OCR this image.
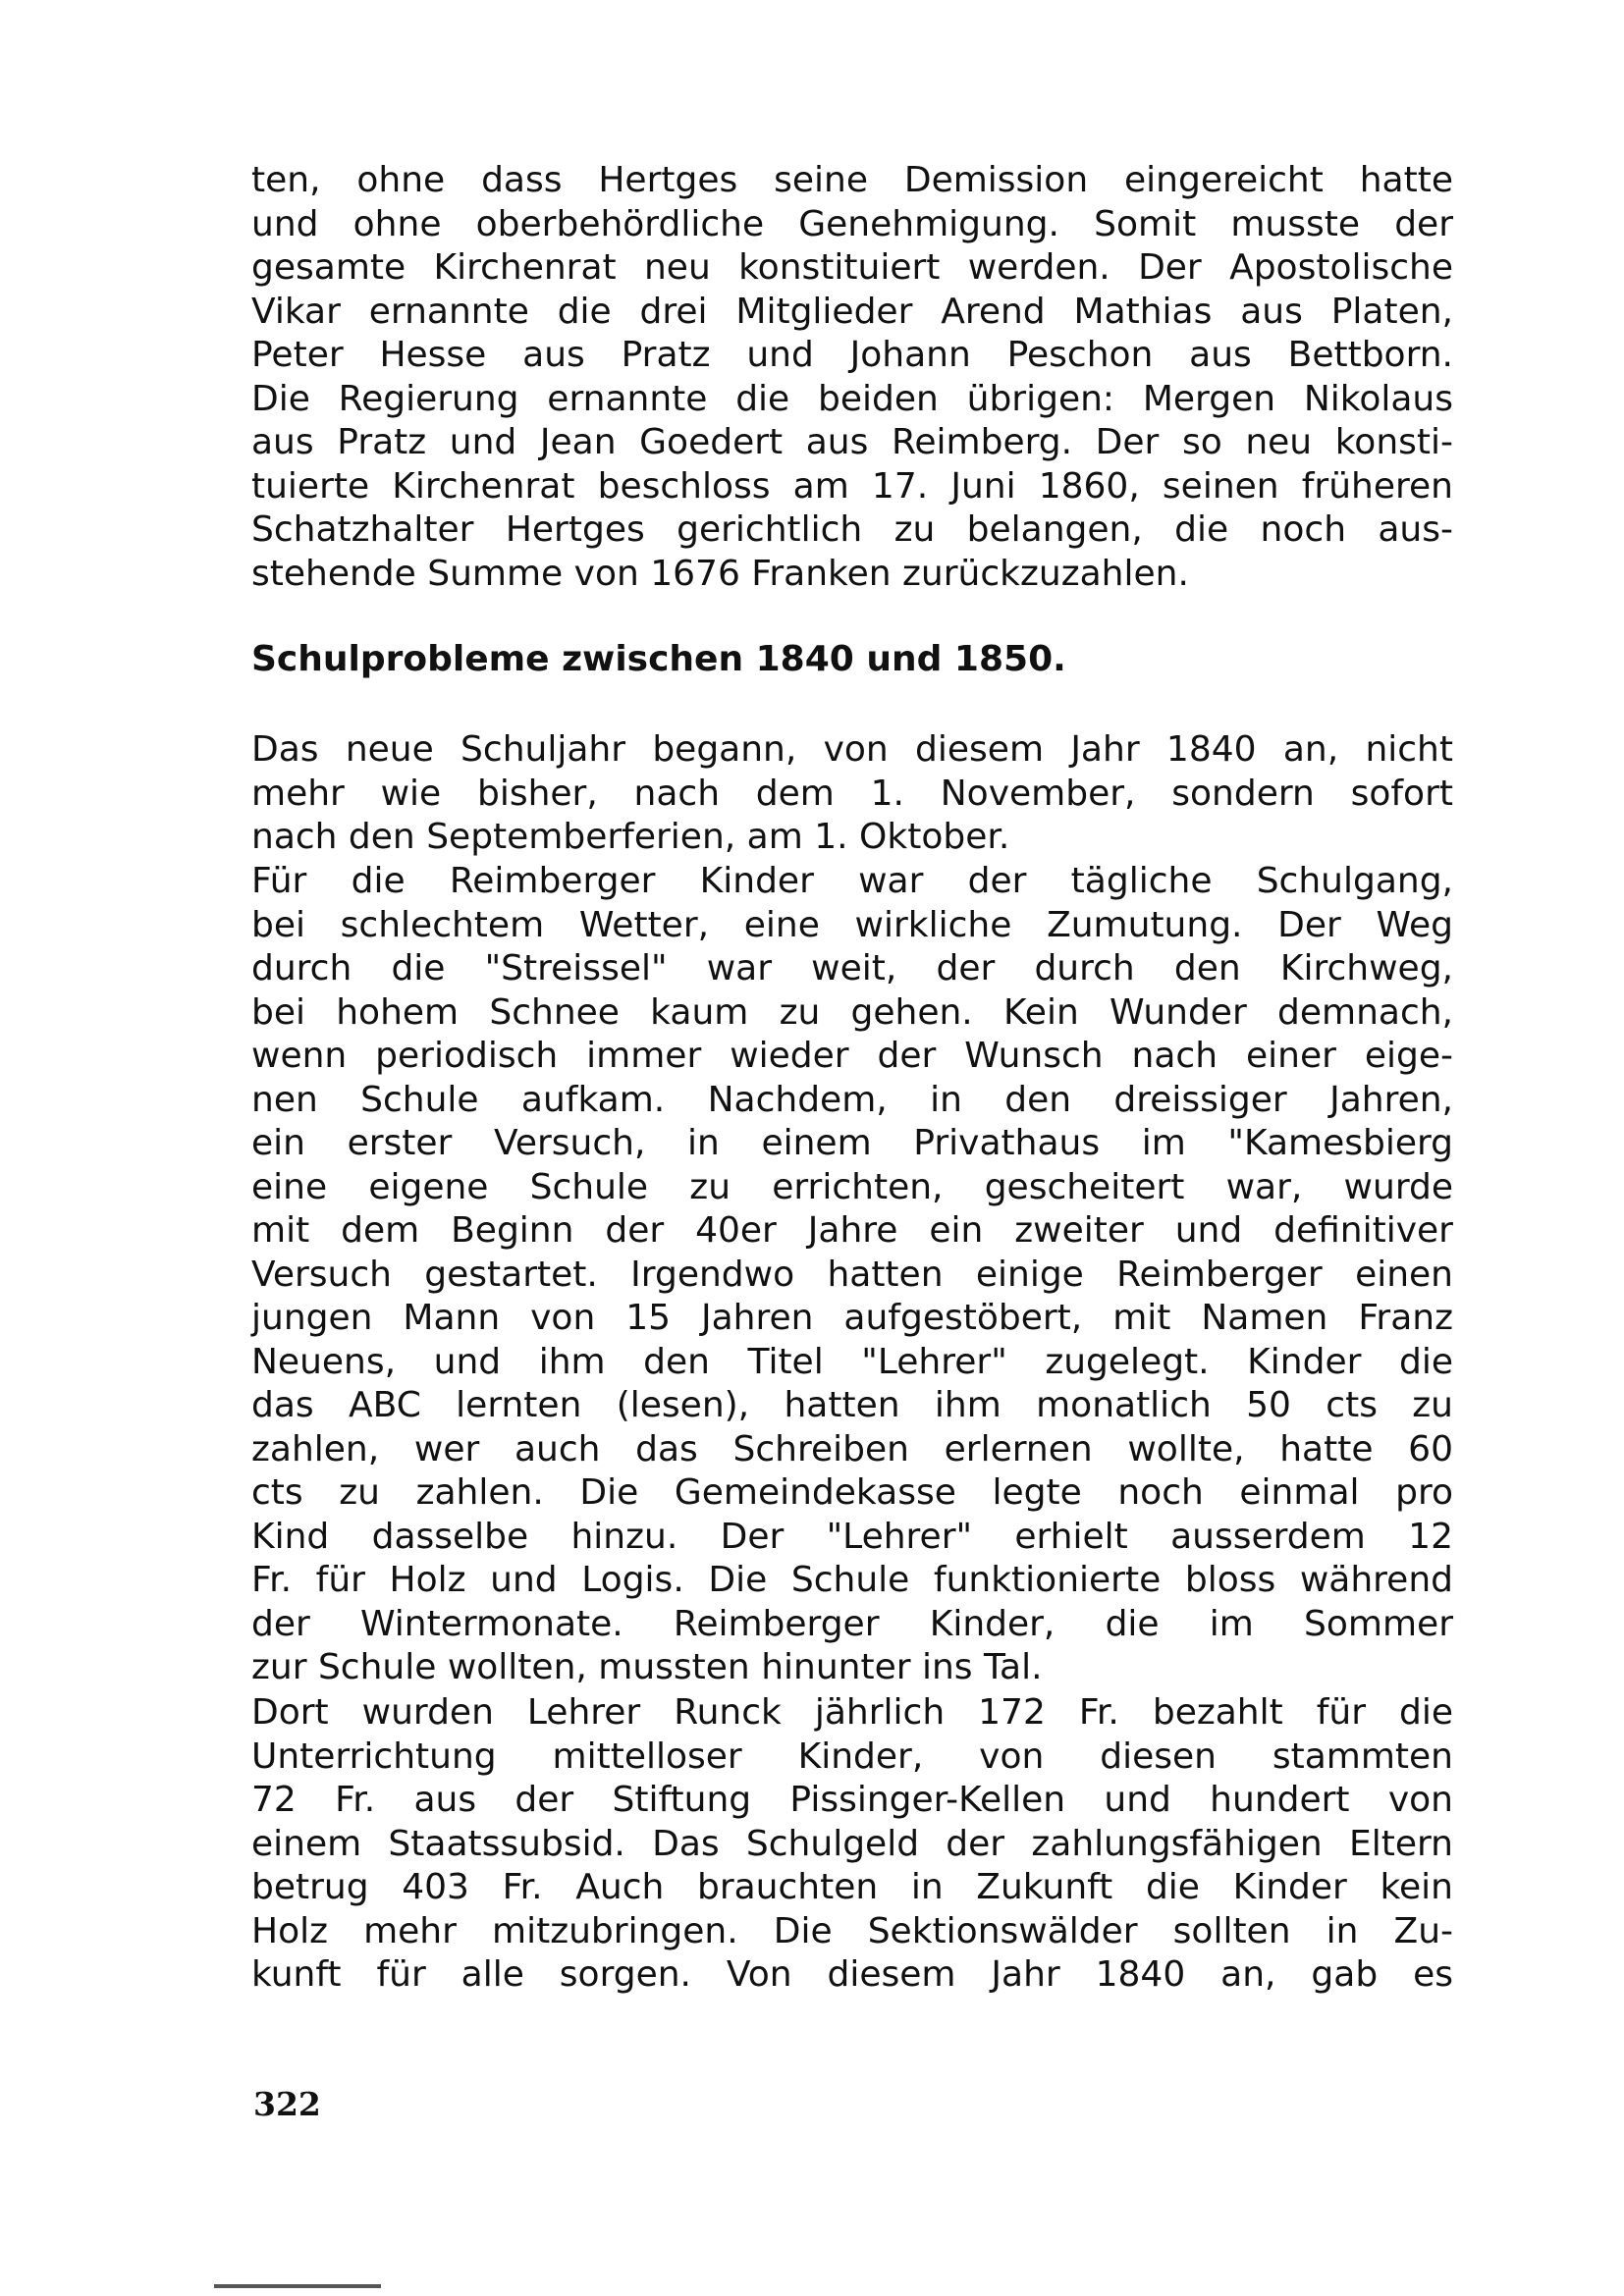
ten, ohne dass Hertges seine Demission eingereicht hatte
und ohne oberbehördliche Genehmigung. Somit musste der
gesamte Kirchenrat neu konstituiert werden. Der Apostolische
Vikar ernannte die drei Mitglieder Arend Mathias aus Platen,
Peter Hesse aus Pratz und Johann Peschon aus Bettborn.
Die Regierung ernannte die beiden übrigen: Mergen Nikolaus
aus Pratz und Jean Goedert aus Reimberg. Der so neu konsti-
tuierte Kirchenrat beschloss am 17. Juni 1860, seinen früheren
Schatzhalter Hertges gerichtlich zu belangen, die noch aus-
stehende Summe von 1676 Franken zurückzuzahlen.
Schulprobleme zwischen 1840 und 1850.
Das neue Schuljahr begann, von diesem Jahr 1840 an, nicht
mehr wie bisher, nach dem 1. November, sondern sofort
nach den Septemberferien, am 1. Oktober.
Für die Reimberger Kinder war der tägliche Schulgang,
bei schlechtem Wetter, eine wirkliche Zumutung. Der Weg
durch die "Streissel" war weit, der durch den Kirchweg,
bei hohem Schnee kaum zu gehen. Kein Wunder demnach,
wenn periodisch immer wieder der Wunsch nach einer eige-
nen Schule aufkam. Nachdem, in den dreissiger Jahren,
ein erster Versuch, in einem Privathaus im "Kamesbierg
eine eigene Schule zu errichten, gescheitert war, wurde
mit dem Beginn der 40er Jahre ein zweiter und definitiver
Versuch gestartet. Irgendwo hatten einige Reimberger einen
jungen Mann von 15 Jahren aufgestöbert, mit Namen Franz
Neuens, und ihm den Titel "Lehrer" zugelegt. Kinder die
das ABC lernten (lesen), hatten ihm monatlich 50 cts zu
zahlen, wer auch das Schreiben erlernen wollte, hatte 60
cts zu zahlen. Die Gemeindekasse legte noch einmal pro
Kind dasselbe hinzu. Der "Lehrer" erhielt ausserdem 12
Fr. für Holz und Logis. Die Schule funktionierte bloss während
der Wintermonate. Reimberger Kinder, die im Sommer
zur Schule wollten, mussten hinunter ins Tal.
Dort wurden Lehrer Runck jährlich 172 Fr. bezahlt für die
Unterrichtung mittelloser Kinder, von diesen stammten
72 Fr. aus der Stiftung Pissinger-Kellen und hundert von
einem Staatssubsid. Das Schulgeld der zahlungsfähigen Eltern
betrug 403 Fr. Auch brauchten in Zukunft die Kinder kein
Holz mehr mitzubringen. Die Sektionswälder sollten in Zu-
kunft für alle sorgen. Von diesem Jahr 1840 an, gab es
322
